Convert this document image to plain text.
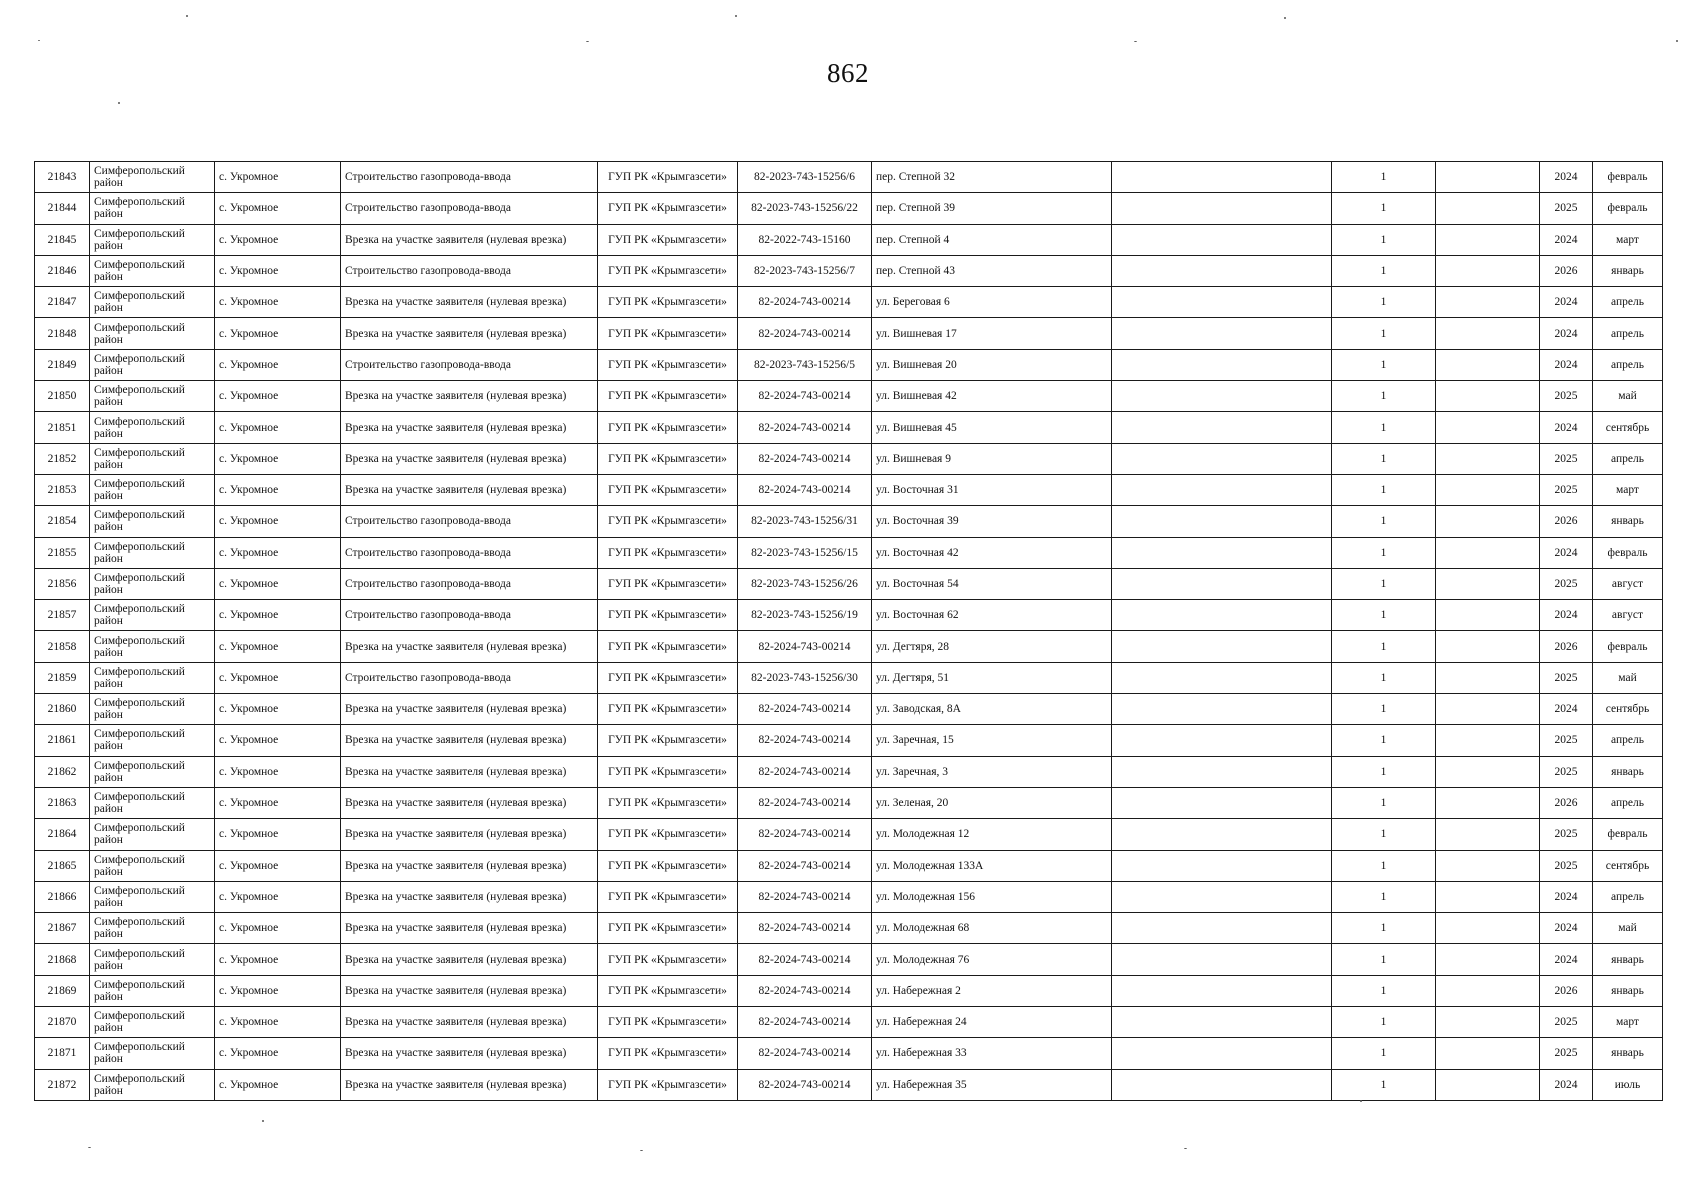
862
21843	Симферопольский район	с. Укромное	Строительство газопровода-ввода	ГУП РК «Крымгазсети»	82-2023-743-15256/6	пер. Степной 32		1		2024	февраль
21844	Симферопольский район	с. Укромное	Строительство газопровода-ввода	ГУП РК «Крымгазсети»	82-2023-743-15256/22	пер. Степной 39		1		2025	февраль
21845	Симферопольский район	с. Укромное	Врезка на участке заявителя (нулевая врезка)	ГУП РК «Крымгазсети»	82-2022-743-15160	пер. Степной 4		1		2024	март
21846	Симферопольский район	с. Укромное	Строительство газопровода-ввода	ГУП РК «Крымгазсети»	82-2023-743-15256/7	пер. Степной 43		1		2026	январь
21847	Симферопольский район	с. Укромное	Врезка на участке заявителя (нулевая врезка)	ГУП РК «Крымгазсети»	82-2024-743-00214	ул. Береговая 6		1		2024	апрель
21848	Симферопольский район	с. Укромное	Врезка на участке заявителя (нулевая врезка)	ГУП РК «Крымгазсети»	82-2024-743-00214	ул. Вишневая 17		1		2024	апрель
21849	Симферопольский район	с. Укромное	Строительство газопровода-ввода	ГУП РК «Крымгазсети»	82-2023-743-15256/5	ул. Вишневая 20		1		2024	апрель
21850	Симферопольский район	с. Укромное	Врезка на участке заявителя (нулевая врезка)	ГУП РК «Крымгазсети»	82-2024-743-00214	ул. Вишневая 42		1		2025	май
21851	Симферопольский район	с. Укромное	Врезка на участке заявителя (нулевая врезка)	ГУП РК «Крымгазсети»	82-2024-743-00214	ул. Вишневая 45		1		2024	сентябрь
21852	Симферопольский район	с. Укромное	Врезка на участке заявителя (нулевая врезка)	ГУП РК «Крымгазсети»	82-2024-743-00214	ул. Вишневая 9		1		2025	апрель
21853	Симферопольский район	с. Укромное	Врезка на участке заявителя (нулевая врезка)	ГУП РК «Крымгазсети»	82-2024-743-00214	ул. Восточная 31		1		2025	март
21854	Симферопольский район	с. Укромное	Строительство газопровода-ввода	ГУП РК «Крымгазсети»	82-2023-743-15256/31	ул. Восточная 39		1		2026	январь
21855	Симферопольский район	с. Укромное	Строительство газопровода-ввода	ГУП РК «Крымгазсети»	82-2023-743-15256/15	ул. Восточная 42		1		2024	февраль
21856	Симферопольский район	с. Укромное	Строительство газопровода-ввода	ГУП РК «Крымгазсети»	82-2023-743-15256/26	ул. Восточная 54		1		2025	август
21857	Симферопольский район	с. Укромное	Строительство газопровода-ввода	ГУП РК «Крымгазсети»	82-2023-743-15256/19	ул. Восточная 62		1		2024	август
21858	Симферопольский район	с. Укромное	Врезка на участке заявителя (нулевая врезка)	ГУП РК «Крымгазсети»	82-2024-743-00214	ул. Дегтяря, 28		1		2026	февраль
21859	Симферопольский район	с. Укромное	Строительство газопровода-ввода	ГУП РК «Крымгазсети»	82-2023-743-15256/30	ул. Дегтяря, 51		1		2025	май
21860	Симферопольский район	с. Укромное	Врезка на участке заявителя (нулевая врезка)	ГУП РК «Крымгазсети»	82-2024-743-00214	ул. Заводская, 8А		1		2024	сентябрь
21861	Симферопольский район	с. Укромное	Врезка на участке заявителя (нулевая врезка)	ГУП РК «Крымгазсети»	82-2024-743-00214	ул. Заречная, 15		1		2025	апрель
21862	Симферопольский район	с. Укромное	Врезка на участке заявителя (нулевая врезка)	ГУП РК «Крымгазсети»	82-2024-743-00214	ул. Заречная, 3		1		2025	январь
21863	Симферопольский район	с. Укромное	Врезка на участке заявителя (нулевая врезка)	ГУП РК «Крымгазсети»	82-2024-743-00214	ул. Зеленая, 20		1		2026	апрель
21864	Симферопольский район	с. Укромное	Врезка на участке заявителя (нулевая врезка)	ГУП РК «Крымгазсети»	82-2024-743-00214	ул. Молодежная 12		1		2025	февраль
21865	Симферопольский район	с. Укромное	Врезка на участке заявителя (нулевая врезка)	ГУП РК «Крымгазсети»	82-2024-743-00214	ул. Молодежная 133А		1		2025	сентябрь
21866	Симферопольский район	с. Укромное	Врезка на участке заявителя (нулевая врезка)	ГУП РК «Крымгазсети»	82-2024-743-00214	ул. Молодежная 156		1		2024	апрель
21867	Симферопольский район	с. Укромное	Врезка на участке заявителя (нулевая врезка)	ГУП РК «Крымгазсети»	82-2024-743-00214	ул. Молодежная 68		1		2024	май
21868	Симферопольский район	с. Укромное	Врезка на участке заявителя (нулевая врезка)	ГУП РК «Крымгазсети»	82-2024-743-00214	ул. Молодежная 76		1		2024	январь
21869	Симферопольский район	с. Укромное	Врезка на участке заявителя (нулевая врезка)	ГУП РК «Крымгазсети»	82-2024-743-00214	ул. Набережная 2		1		2026	январь
21870	Симферопольский район	с. Укромное	Врезка на участке заявителя (нулевая врезка)	ГУП РК «Крымгазсети»	82-2024-743-00214	ул. Набережная 24		1		2025	март
21871	Симферопольский район	с. Укромное	Врезка на участке заявителя (нулевая врезка)	ГУП РК «Крымгазсети»	82-2024-743-00214	ул. Набережная 33		1		2025	январь
21872	Симферопольский район	с. Укромное	Врезка на участке заявителя (нулевая врезка)	ГУП РК «Крымгазсети»	82-2024-743-00214	ул. Набережная 35		1		2024	июль
